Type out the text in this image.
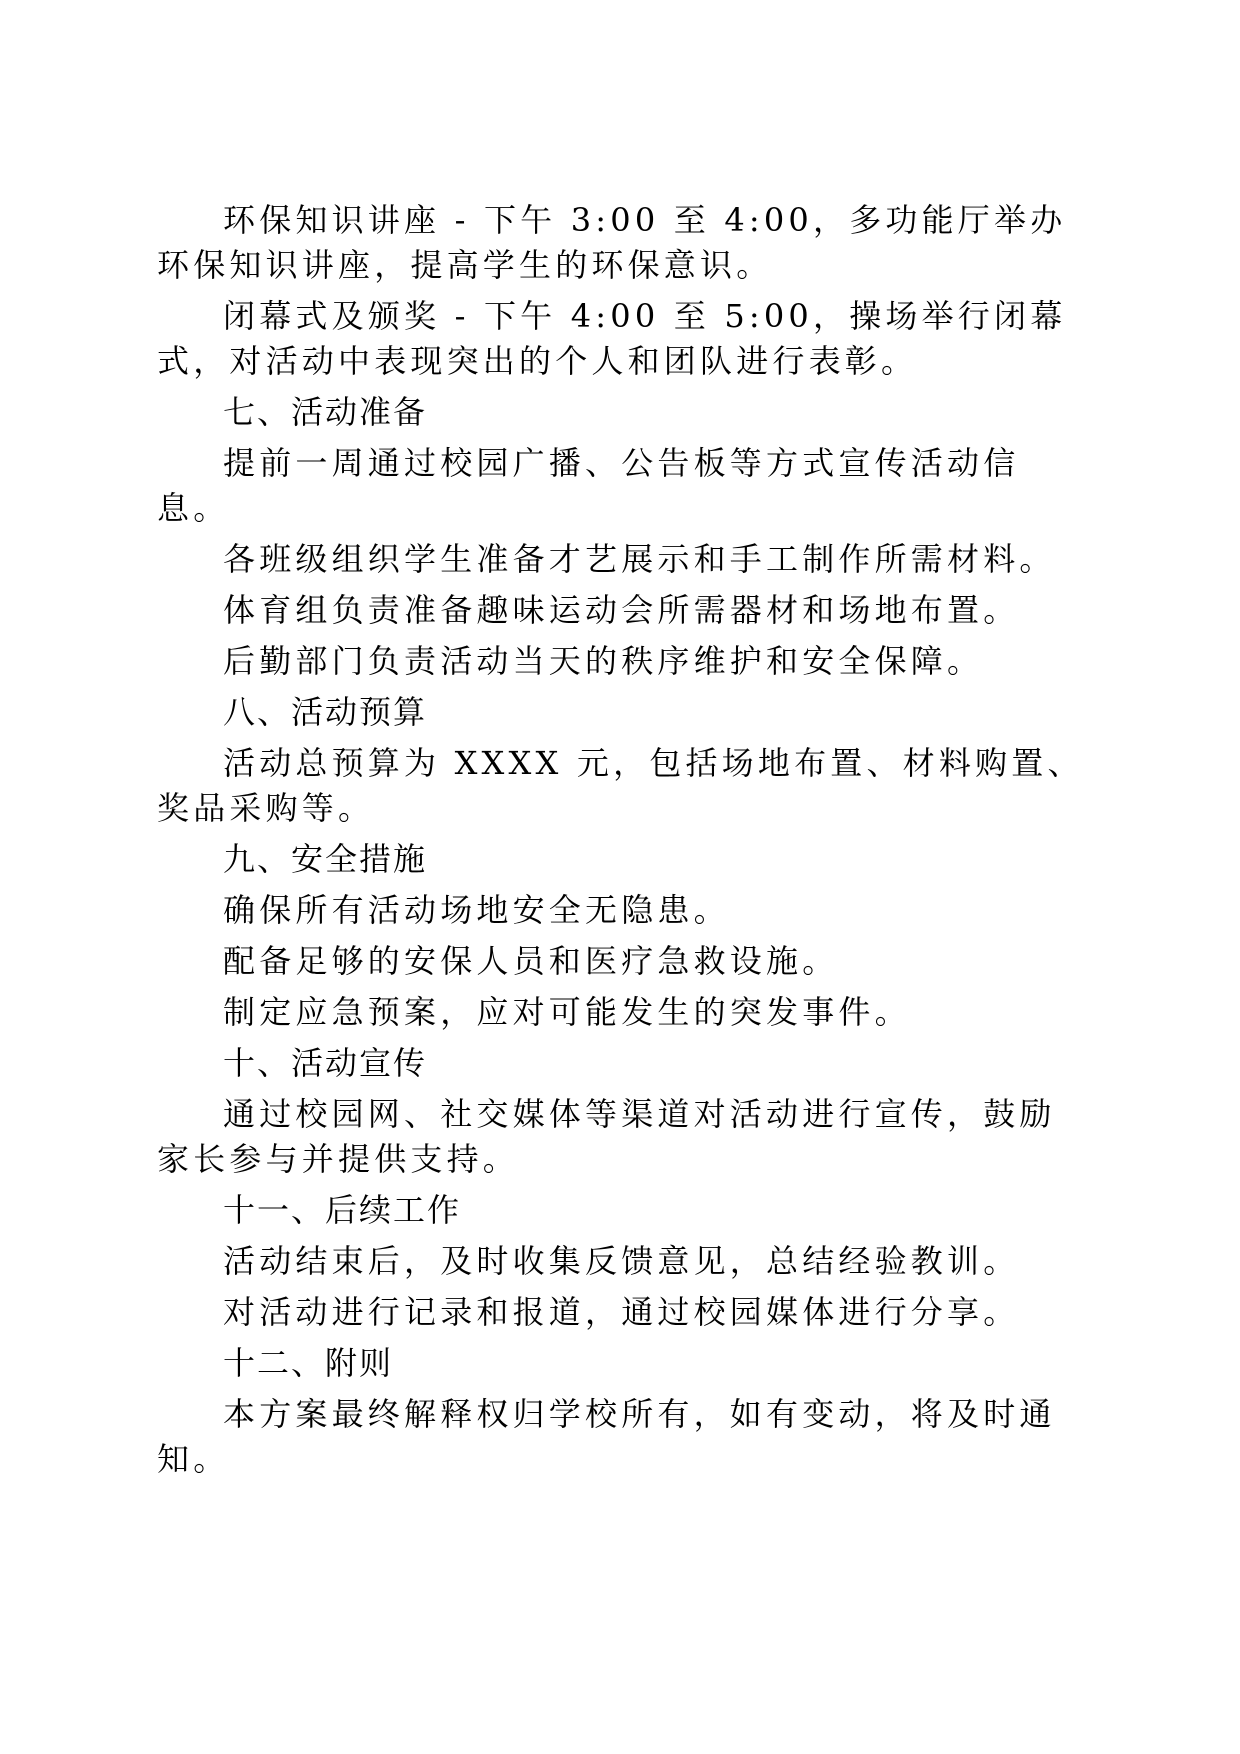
环保知识讲座 - 下午 3:00 至 4:00，多功能厅举办环保知识讲座，提高学生的环保意识。

闭幕式及颁奖 - 下午 4:00 至 5:00，操场举行闭幕式，对活动中表现突出的个人和团队进行表彰。

七、活动准备

提前一周通过校园广播、公告板等方式宣传活动信息。

各班级组织学生准备才艺展示和手工制作所需材料。

体育组负责准备趣味运动会所需器材和场地布置。

后勤部门负责活动当天的秩序维护和安全保障。

八、活动预算

活动总预算为 XXXX 元，包括场地布置、材料购置、奖品采购等。

九、安全措施

确保所有活动场地安全无隐患。

配备足够的安保人员和医疗急救设施。

制定应急预案，应对可能发生的突发事件。

十、活动宣传

通过校园网、社交媒体等渠道对活动进行宣传，鼓励家长参与并提供支持。

十一、后续工作

活动结束后，及时收集反馈意见，总结经验教训。

对活动进行记录和报道，通过校园媒体进行分享。

十二、附则

本方案最终解释权归学校所有，如有变动，将及时通知。
